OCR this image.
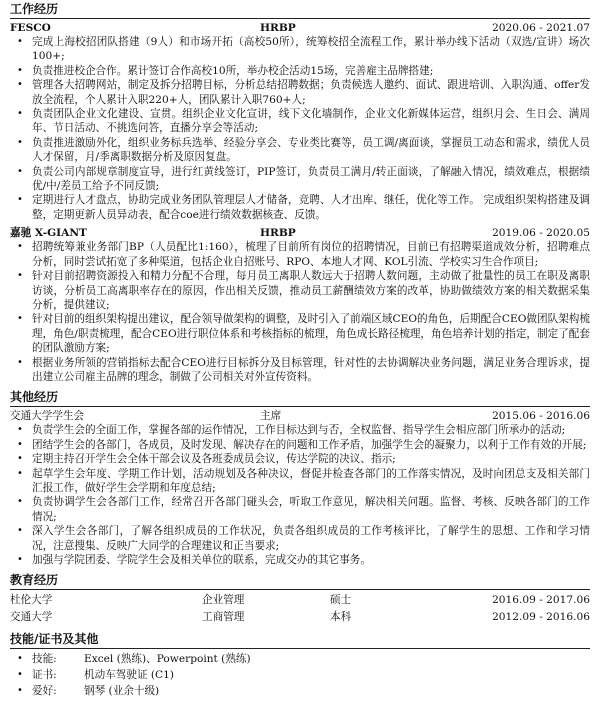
工作经历
FESCO	HRBP	2020.06 - 2021.07
• 完成上海校招团队搭建（9人）和市场开拓（高校50所），统筹校招全流程工作，累计举办线下活动（双选/宣讲）场次100+;
• 负责推进校企合作。累计签订合作高校10所，举办校企活动15场，完善雇主品牌搭建;
• 管理各大招聘网站，制定及拆分招聘目标，分析总结招聘数据；负责候选人邀约、面试、跟进培训、入职沟通、offer发放全流程，个人累计入职220+人，团队累计入职760+人;
• 负责团队企业文化建设、宣贯。组织企业文化宣讲，线下文化墙制作，企业文化新媒体运营，组织月会、生日会、满周年、节日活动、不挑选问答，直播分享会等活动;
• 负责推进激励外化，组织业务标兵选举、经验分享会、专业类比赛等，员工调/离面谈，掌握员工动态和需求，绩优人员人才保留，月/季离职数据分析及原因复盘。
• 负责公司内部规章制度宣导，进行红黄线签订，PIP签订，负责员工满月/转正面谈，了解融入情况，绩效难点，根据绩优/中/差员工给予不同反馈;
• 定期进行人才盘点，协助完成业务团队管理层人才储备，竞聘、人才出库、继任，优化等工作。 完成组织架构搭建及调整，定期更新人员异动表，配合coe进行绩效数据核查、反馈。
嘉驰 X-GIANT	HRBP	2019.06 - 2020.05
• 招聘统筹兼业务部门BP（人员配比1:160），梳理了目前所有岗位的招聘情况，目前已有招聘渠道成效分析，招聘难点分析，同时尝试拓宽了多种渠道，包括企业自招账号、RPO、本地人才网、KOL引流、学校实习生合作项目;
• 针对目前招聘资源投入和精力分配不合理，每月员工离职人数远大于招聘人数问题，主动做了批量性的员工在职及离职访谈，分析员工高离职率存在的原因，作出相关反馈，推动员工薪酬绩效方案的改革，协助做绩效方案的相关数据采集分析，提供建议;
• 针对目前的组织架构提出建议，配合领导做架构的调整，及时引入了前端区域CEO的角色，后期配合CEO做团队架构梳理，角色/职责梳理，配合CEO进行职位体系和考核指标的梳理，角色成长路径梳理，角色培养计划的指定，制定了配套的团队激励方案;
• 根据业务所领的营销指标去配合CEO进行目标拆分及目标管理，针对性的去协调解决业务问题，满足业务合理诉求，提出建立公司雇主品牌的理念，制做了公司相关对外宣传资料。
其他经历
交通大学学生会	主席	2015.06 - 2016.06
• 负责学生会的全面工作，掌握各部的运作情况，工作目标达到与否，全权监督、指导学生会相应部门所承办的活动;
• 团结学生会的各部门，各成员，及时发现、解决存在的问题和工作矛盾，加强学生会的凝聚力，以利于工作有效的开展;
• 定期主持召开学生会全体干部会议及各班委成员会议，传达学院的决议、指示;
• 起草学生会年度、学期工作计划，活动规划及各种决议，督促并检查各部门的工作落实情况，及时向团总支及相关部门汇报工作，做好学生会学期和年度总结;
• 负责协调学生会各部门工作，经常召开各部门碰头会，听取工作意见，解决相关问题。监督、考核、反映各部门的工作情况;
• 深入学生会各部门，了解各组织成员的工作状况，负责各组织成员的工作考核评比，了解学生的思想、工作和学习情况，注意搜集、反映广大同学的合理建议和正当要求;
• 加强与学院团委、学院学生会及相关单位的联系，完成交办的其它事务。
教育经历
杜伦大学	企业管理	硕士	2016.09 - 2017.06
交通大学	工商管理	本科	2012.09 - 2016.06
技能/证书及其他
• 技能:	Excel (熟练)、Powerpoint (熟练)
• 证书:	机动车驾驶证 (C1)
• 爱好:	钢琴 (业余十级)
